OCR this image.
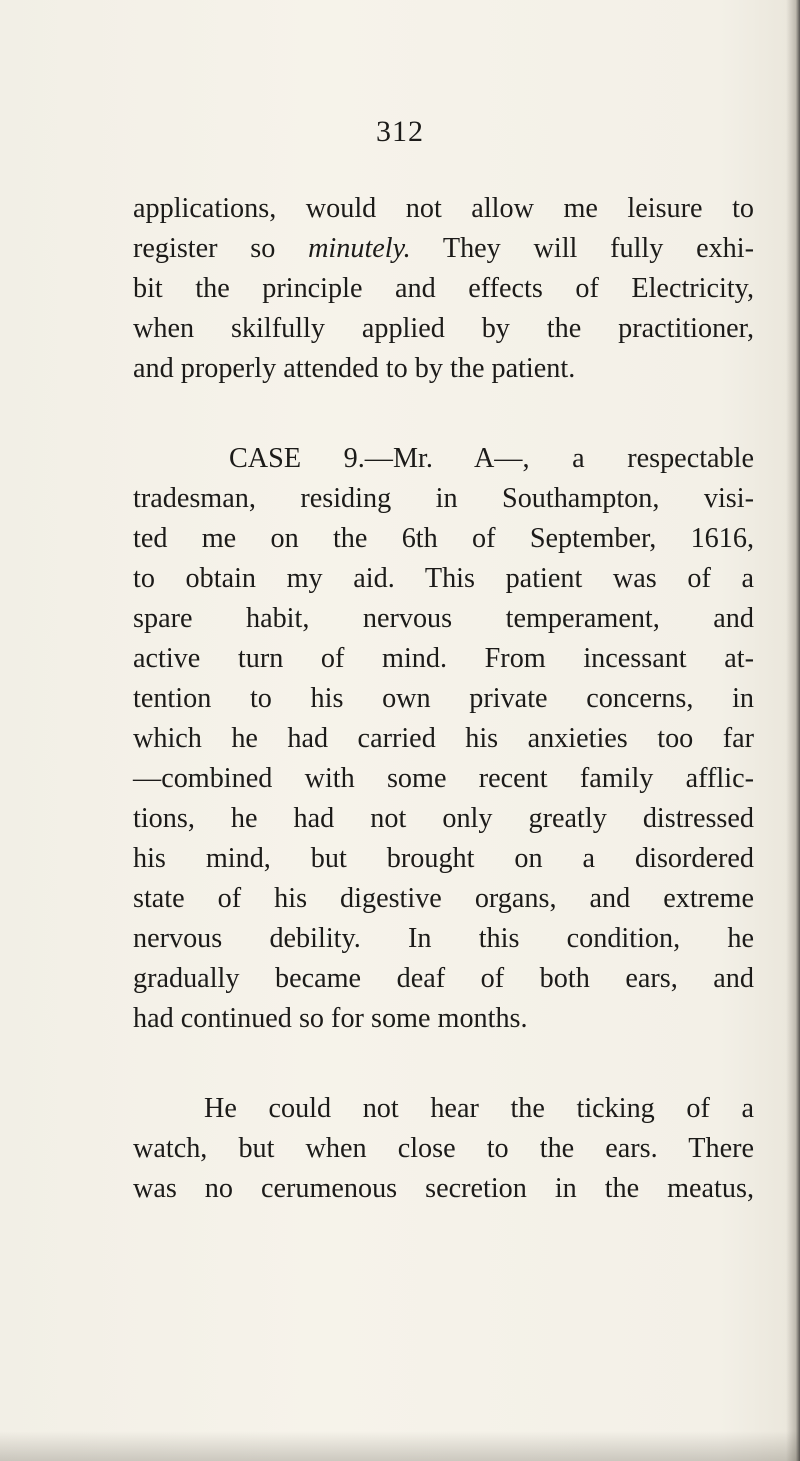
312
applications, would not allow me leisure to
register so minutely. They will fully exhi-
bit the principle and effects of Electricity,
when skilfully applied by the practitioner,
and properly attended to by the patient.
CASE 9.—Mr. A—, a respectable
tradesman, residing in Southampton, visi-
ted me on the 6th of September, 1616,
to obtain my aid. This patient was of a
spare habit, nervous temperament, and
active turn of mind. From incessant at-
tention to his own private concerns, in
which he had carried his anxieties too far
—combined with some recent family afflic-
tions, he had not only greatly distressed
his mind, but brought on a disordered
state of his digestive organs, and extreme
nervous debility. In this condition, he
gradually became deaf of both ears, and
had continued so for some months.
He could not hear the ticking of a
watch, but when close to the ears. There
was no cerumenous secretion in the meatus,
